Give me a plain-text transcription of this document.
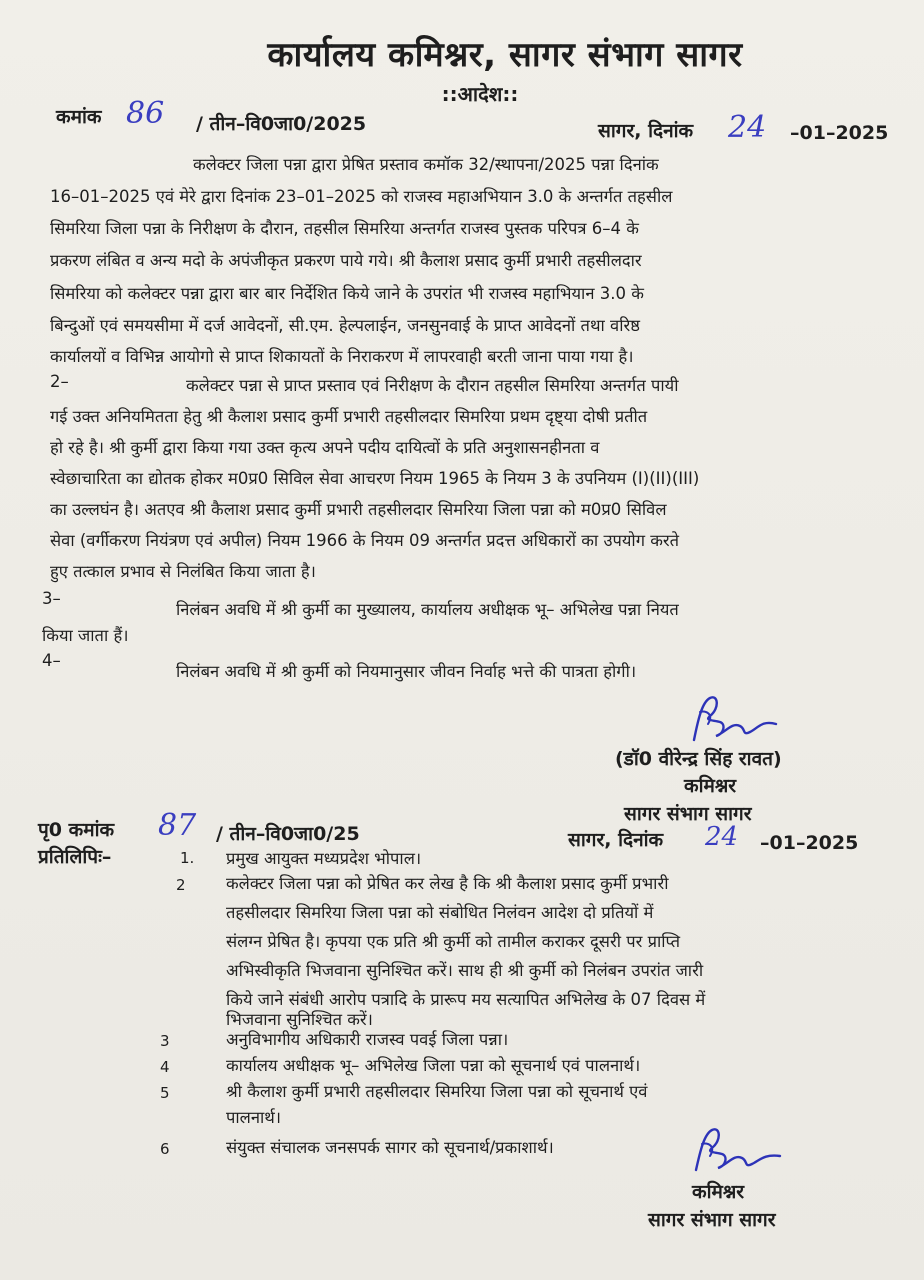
कार्यालय कमिश्नर, सागर संभाग सागर
::आदेश::
कमांक 86 / तीन–वि0जा0/2025	सागर, दिनांक 24 –01–2025
कलेक्टर जिला पन्ना द्वारा प्रेषित प्रस्ताव कमॉक 32/स्थापना/2025 पन्ना दिनांक
16–01–2025 एवं मेरे द्वारा दिनांक 23–01–2025 को राजस्व महाअभियान 3.0 के अन्तर्गत तहसील
सिमरिया जिला पन्ना के निरीक्षण के दौरान, तहसील सिमरिया अन्तर्गत राजस्व पुस्तक परिपत्र 6–4 के
प्रकरण लंबित व अन्य मदो के अपंजीकृत प्रकरण पाये गये। श्री कैलाश प्रसाद कुर्मी प्रभारी तहसीलदार
सिमरिया को कलेक्टर पन्ना द्वारा बार बार निर्देशित किये जाने के उपरांत भी राजस्व महाभियान 3.0 के
बिन्दुओं एवं समयसीमा में दर्ज आवेदनों, सी.एम. हेल्पलाईन, जनसुनवाई के प्राप्त आवेदनों तथा वरिष्ठ
कार्यालयों व विभिन्न आयोगो से प्राप्त शिकायतों के निराकरण में लापरवाही बरती जाना पाया गया है।
2–	कलेक्टर पन्ना से प्राप्त प्रस्ताव एवं निरीक्षण के दौरान तहसील सिमरिया अन्तर्गत पायी
गई उक्त अनियमितता हेतु श्री कैलाश प्रसाद कुर्मी प्रभारी तहसीलदार सिमरिया प्रथम दृष्ट्या दोषी प्रतीत
हो रहे है। श्री कुर्मी द्वारा किया गया उक्त कृत्य अपने पदीय दायित्वों के प्रति अनुशासनहीनता व
स्वेछाचारिता का द्योतक होकर म0प्र0 सिविल सेवा आचरण नियम 1965 के नियम 3 के उपनियम (I)(II)(III)
का उल्लघंन है। अतएव श्री कैलाश प्रसाद कुर्मी प्रभारी तहसीलदार सिमरिया जिला पन्ना को म0प्र0 सिविल
सेवा (वर्गीकरण नियंत्रण एवं अपील) नियम 1966 के नियम 09 अन्तर्गत प्रदत्त अधिकारों का उपयोग करते
हुए तत्काल प्रभाव से निलंबित किया जाता है।
3–
निलंबन अवधि में श्री कुर्मी का मुख्यालय, कार्यालय अधीक्षक भू– अभिलेख पन्ना नियत
किया जाता हैं।
4–
निलंबन अवधि में श्री कुर्मी को नियमानुसार जीवन निर्वाह भत्ते की पात्रता होगी।
(डॉ0 वीरेन्द्र सिंह रावत)
कमिश्नर
सागर संभाग सागर
पृ0 कमांक 87 / तीन–वि0जा0/25	सागर, दिनांक 24 –01–2025
प्रतिलिपिः–	1. प्रमुख आयुक्त मध्यप्रदेश भोपाल।
2 कलेक्टर जिला पन्ना को प्रेषित कर लेख है कि श्री कैलाश प्रसाद कुर्मी प्रभारी
तहसीलदार सिमरिया जिला पन्ना को संबोधित निलंवन आदेश दो प्रतियों में
संलग्न प्रेषित है। कृपया एक प्रति श्री कुर्मी को तामील कराकर दूसरी पर प्राप्ति
अभिस्वीकृति भिजवाना सुनिश्चित करें। साथ ही श्री कुर्मी को निलंबन उपरांत जारी
किये जाने संबंधी आरोप पत्रादि के प्रारूप मय सत्यापित अभिलेख के 07 दिवस में
भिजवाना सुनिश्चित करें।
3	अनुविभागीय अधिकारी राजस्व पवई जिला पन्ना।
4	कार्यालय अधीक्षक भू– अभिलेख जिला पन्ना को सूचनार्थ एवं पालनार्थ।
5	श्री कैलाश कुर्मी प्रभारी तहसीलदार सिमरिया जिला पन्ना को सूचनार्थ एवं
पालनार्थ।
6	संयुक्त संचालक जनसपर्क सागर को सूचनार्थ/प्रकाशार्थ।
कमिश्नर
सागर संभाग सागर
